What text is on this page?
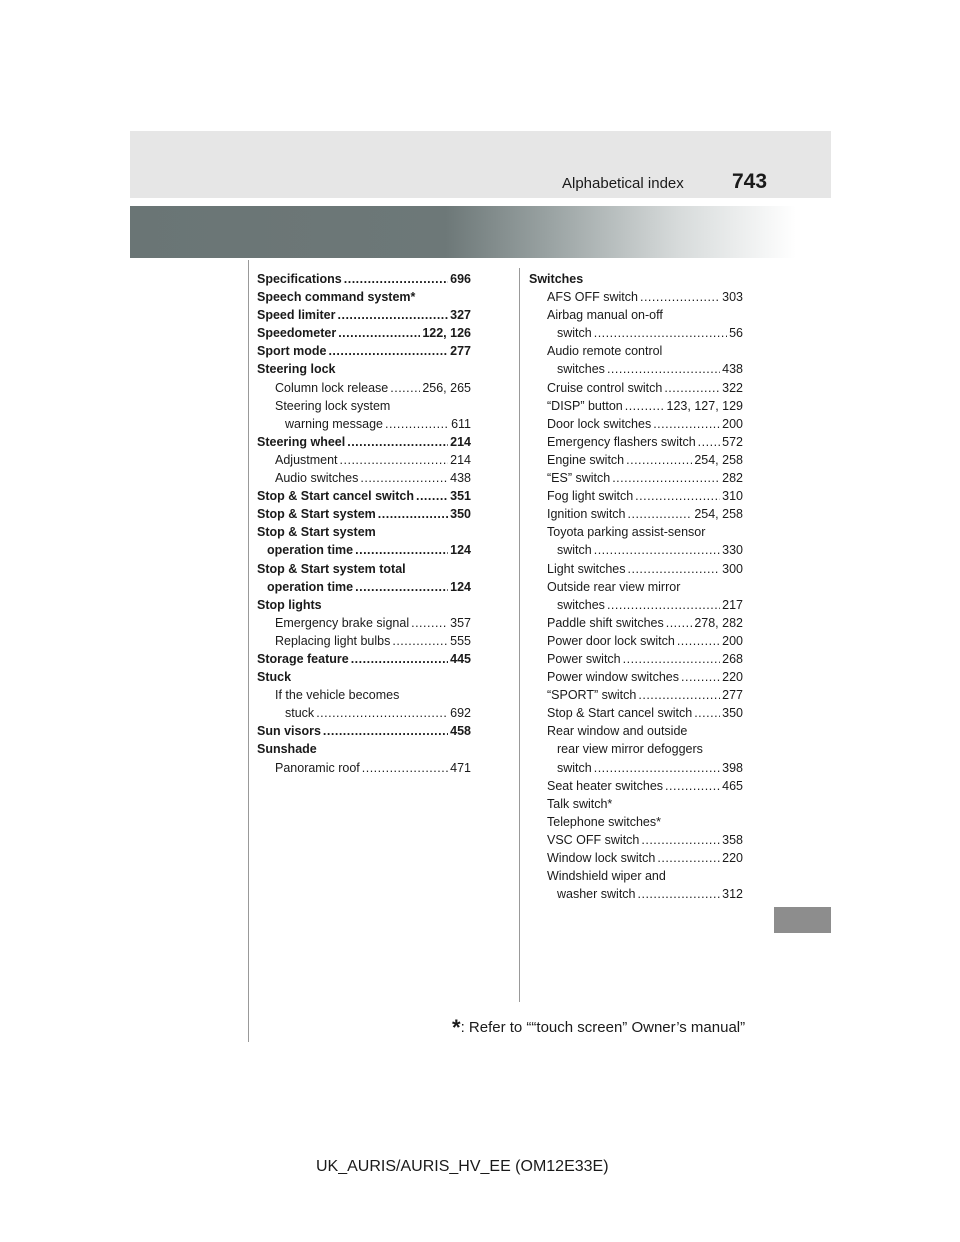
Alphabetical index 743
Specifications .....	696
Speech command system*
Speed limiter .....	327
Speedometer .....	122, 126
Sport mode .....	277
Steering lock
Column lock release .....	256, 265
Steering lock system
warning message .....	611
Steering wheel .....	214
Adjustment .....	214
Audio switches .....	438
Stop & Start cancel switch .....	351
Stop & Start system .....	350
Stop & Start system
operation time .....	124
Stop & Start system total
operation time .....	124
Stop lights
Emergency brake signal .....	357
Replacing light bulbs .....	555
Storage feature .....	445
Stuck
If the vehicle becomes
stuck .....	692
Sun visors .....	458
Sunshade
Panoramic roof .....	471
Switches
AFS OFF switch .....	303
Airbag manual on-off
switch .....	56
Audio remote control
switches .....	438
Cruise control switch .....	322
“DISP” button .....	123, 127, 129
Door lock switches .....	200
Emergency flashers switch ..... 572
Engine switch .....	254, 258
“ES” switch .....	282
Fog light switch .....	310
Ignition switch .....	254, 258
Toyota parking assist-sensor
switch .....	330
Light switches .....	300
Outside rear view mirror
switches .....	217
Paddle shift switches ..... 278, 282
Power door lock switch .....	200
Power switch .....	268
Power window switches .....	220
“SPORT” switch .....	277
Stop & Start cancel switch ..... 350
Rear window and outside
rear view mirror defoggers
switch .....	398
Seat heater switches .....	465
Talk switch*
Telephone switches*
VSC OFF switch .....	358
Window lock switch .....	220
Windshield wiper and
washer switch .....	312
*: Refer to ““touch screen” Owner’s manual”
UK_AURIS/AURIS_HV_EE (OM12E33E)
